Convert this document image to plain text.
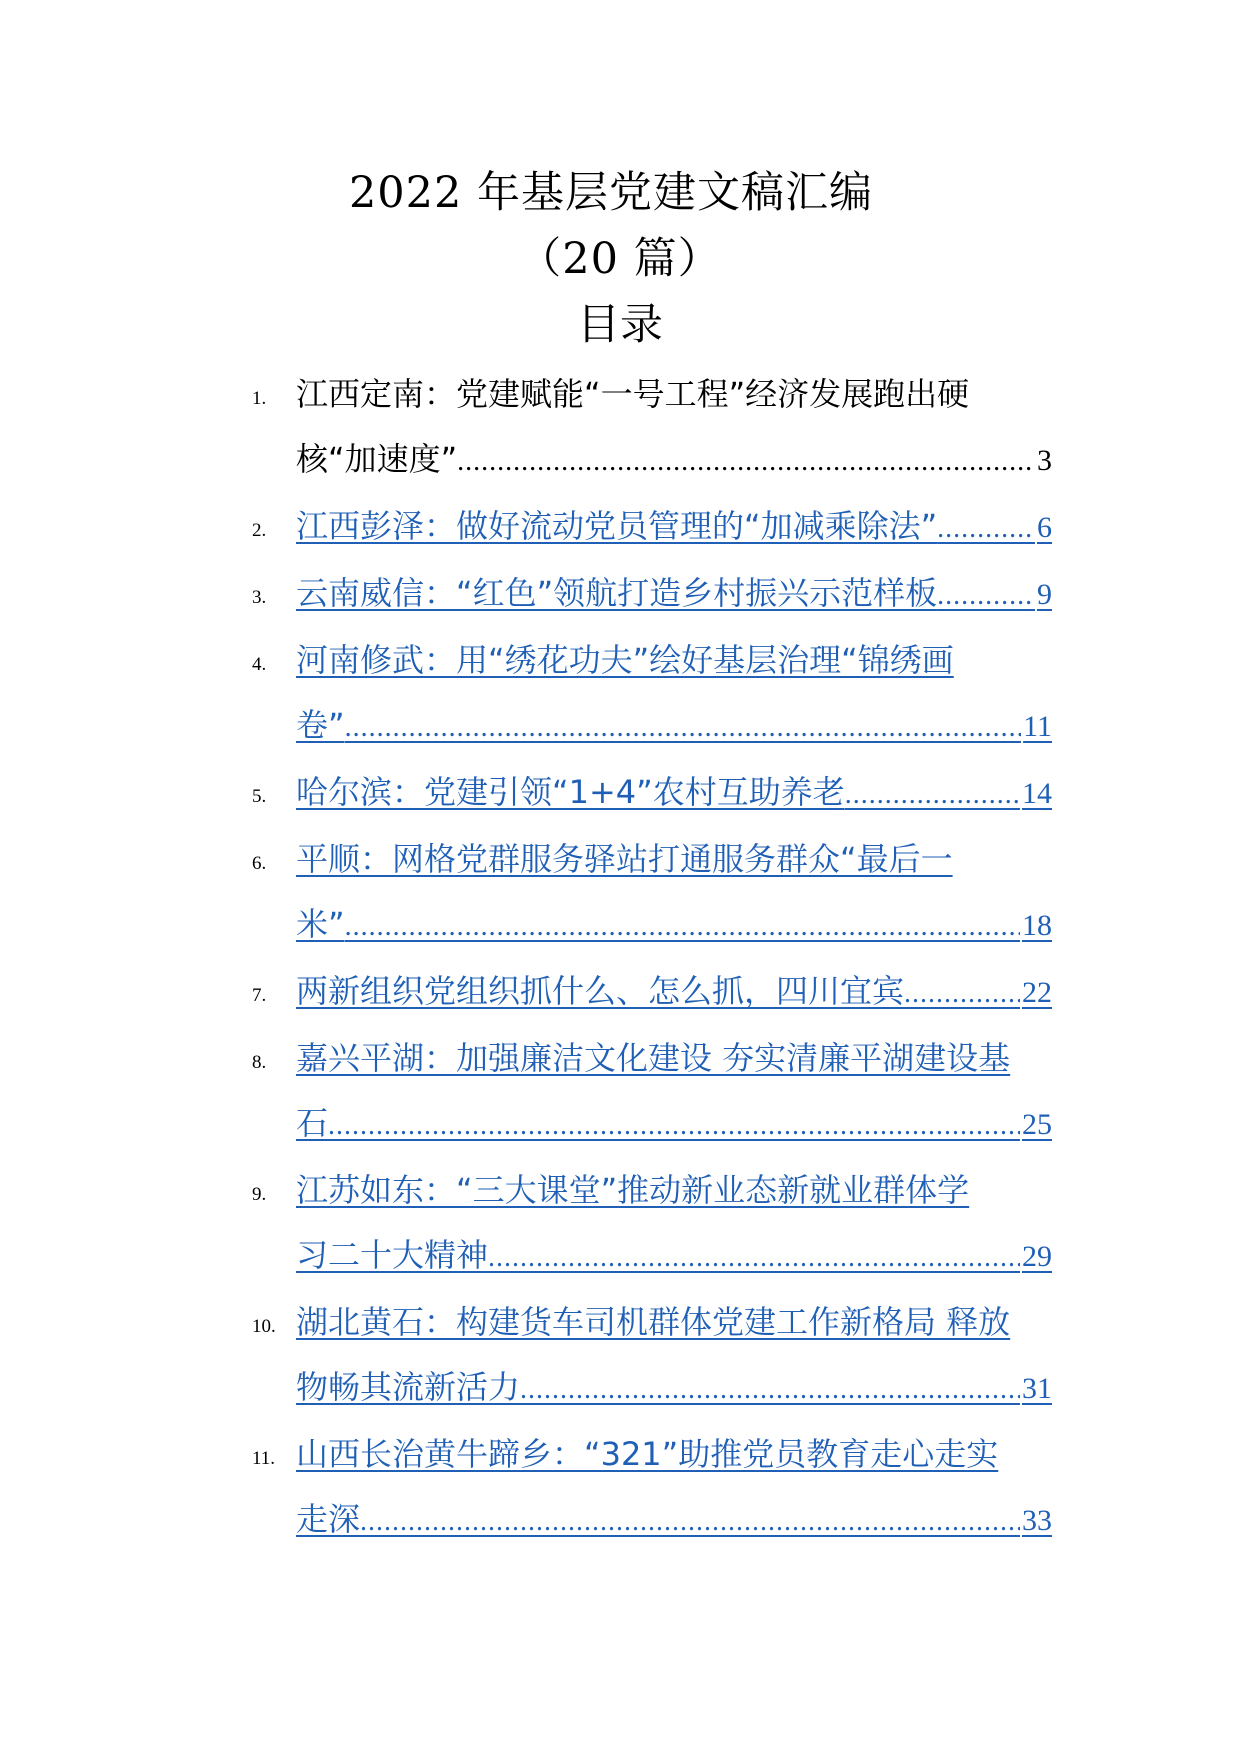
2022 年基层党建文稿汇编
（20 篇）
目录
1. 江西定南：党建赋能“一号工程”经济发展跑出硬
核“加速度” .....	3
2. 江西彭泽：做好流动党员管理的“加减乘除法” .....	6
3. 云南威信：“红色”领航打造乡村振兴示范样板 .....	9
4. 河南修武：用“绣花功夫”绘好基层治理“锦绣画
卷” .....	11
5. 哈尔滨：党建引领“1+4”农村互助养老 .....	14
6. 平顺：网格党群服务驿站打通服务群众“最后一
米” .....	18
7. 两新组织党组织抓什么、怎么抓，四川宜宾 .....	22
8. 嘉兴平湖：加强廉洁文化建设 夯实清廉平湖建设基
石 .....	25
9. 江苏如东：“三大课堂”推动新业态新就业群体学
习二十大精神 .....	29
10. 湖北黄石：构建货车司机群体党建工作新格局 释放
物畅其流新活力 .....	31
11. 山西长治黄牛蹄乡：“321”助推党员教育走心走实
走深 .....	33
